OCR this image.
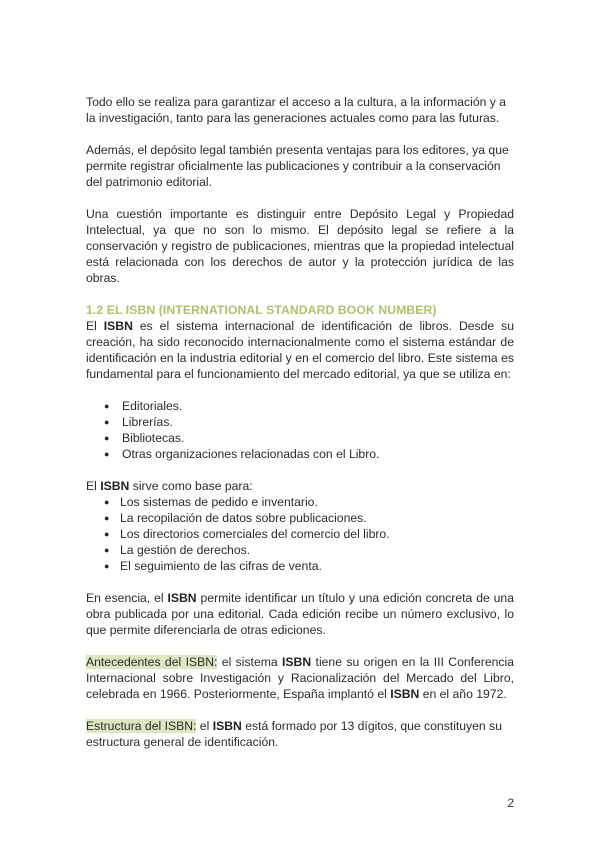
Todo ello se realiza para garantizar el acceso a la cultura, a la información y a la investigación, tanto para las generaciones actuales como para las futuras.

Además, el depósito legal también presenta ventajas para los editores, ya que permite registrar oficialmente las publicaciones y contribuir a la conservación del patrimonio editorial.

Una cuestión importante es distinguir entre Depósito Legal y Propiedad Intelectual, ya que no son lo mismo. El depósito legal se refiere a la conservación y registro de publicaciones, mientras que la propiedad intelectual está relacionada con los derechos de autor y la protección jurídica de las obras.

1.2 EL ISBN (INTERNATIONAL STANDARD BOOK NUMBER)

El ISBN es el sistema internacional de identificación de libros. Desde su creación, ha sido reconocido internacionalmente como el sistema estándar de identificación en la industria editorial y en el comercio del libro. Este sistema es fundamental para el funcionamiento del mercado editorial, ya que se utiliza en:

● Editoriales.
● Librerías.
● Bibliotecas.
● Otras organizaciones relacionadas con el Libro.

El ISBN sirve como base para:

● Los sistemas de pedido e inventario.
● La recopilación de datos sobre publicaciones.
● Los directorios comerciales del comercio del libro.
● La gestión de derechos.
● El seguimiento de las cifras de venta.

En esencia, el ISBN permite identificar un título y una edición concreta de una obra publicada por una editorial. Cada edición recibe un número exclusivo, lo que permite diferenciarla de otras ediciones.

Antecedentes del ISBN: el sistema ISBN tiene su origen en la III Conferencia Internacional sobre Investigación y Racionalización del Mercado del Libro, celebrada en 1966. Posteriormente, España implantó el ISBN en el año 1972.

Estructura del ISBN: el ISBN está formado por 13 dígitos, que constituyen su estructura general de identificación.

2
